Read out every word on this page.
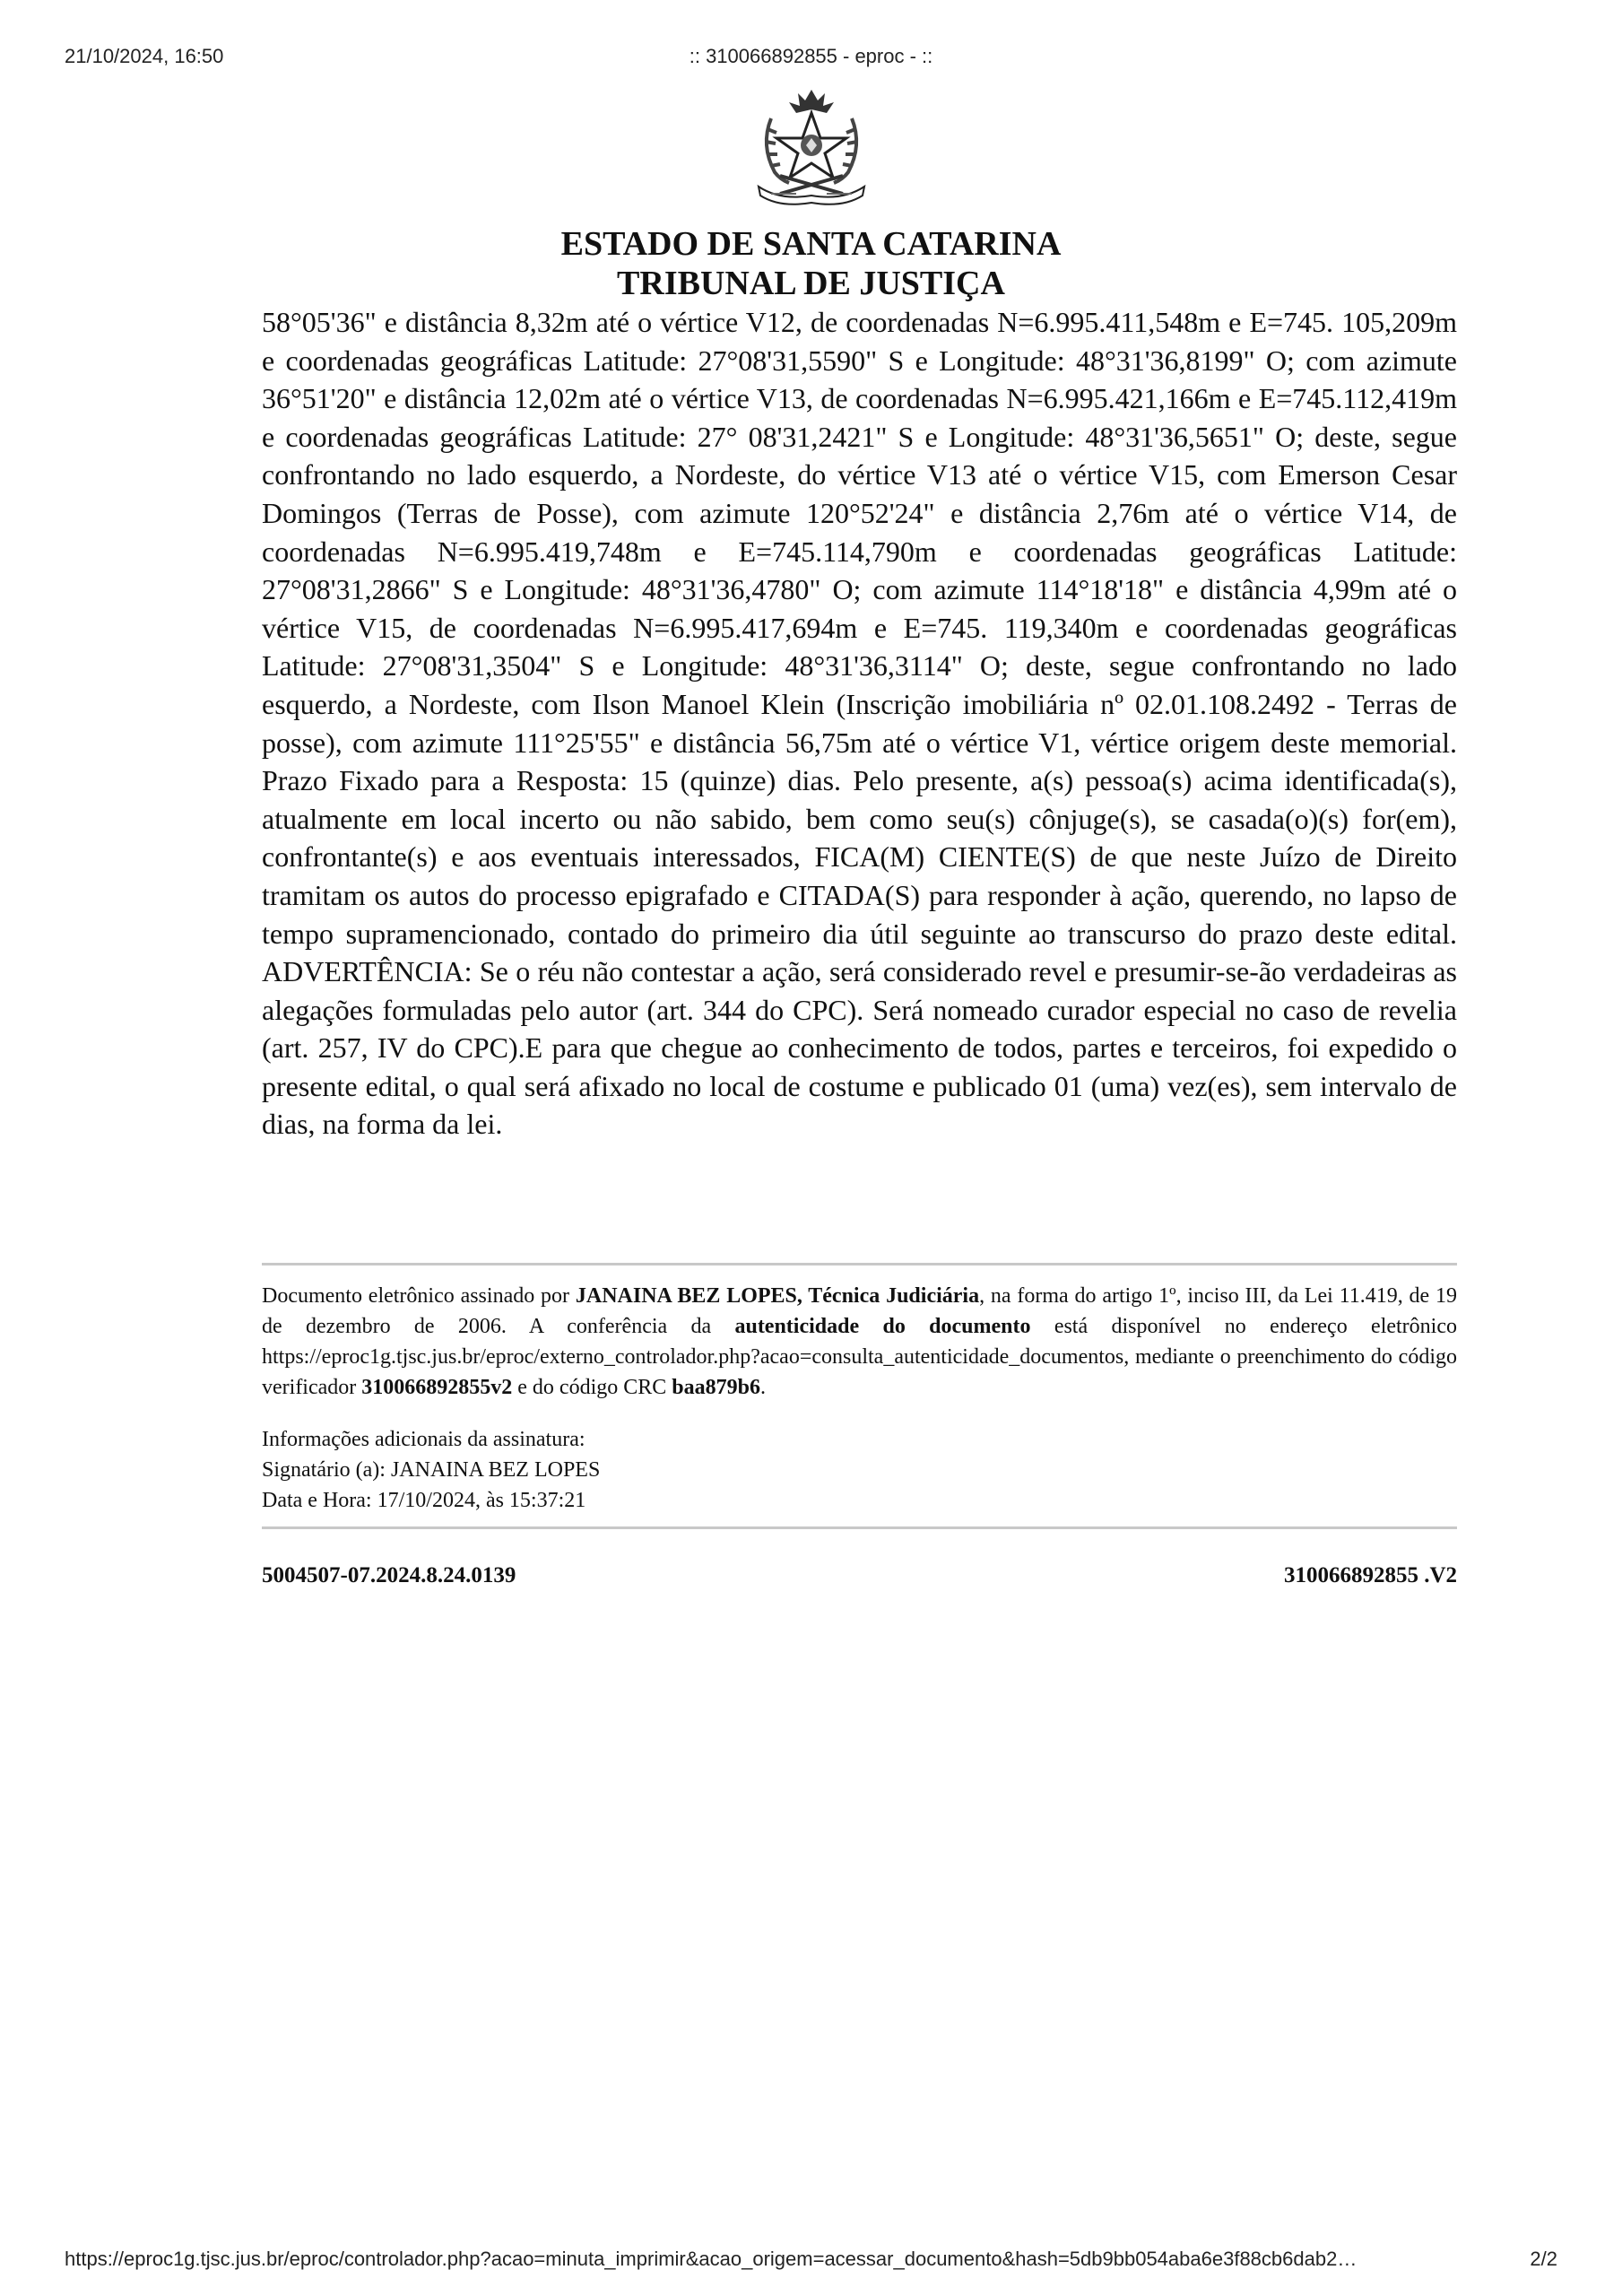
21/10/2024, 16:50	:: 310066892855 - eproc - ::
ESTADO DE SANTA CATARINA
TRIBUNAL DE JUSTIÇA

58°05'36" e distância 8,32m até o vértice V12, de coordenadas N=6.995.411,548m e E=745. 105,209m e coordenadas geográficas Latitude: 27°08'31,5590" S e Longitude: 48°31'36,8199" O; com azimute 36°51'20" e distância 12,02m até o vértice V13, de coordenadas N=6.995.421,166m e E=745.112,419m e coordenadas geográficas Latitude: 27° 08'31,2421" S e Longitude: 48°31'36,5651" O; deste, segue confrontando no lado esquerdo, a Nordeste, do vértice V13 até o vértice V15, com Emerson Cesar Domingos (Terras de Posse), com azimute 120°52'24" e distância 2,76m até o vértice V14, de coordenadas N=6.995.419,748m e E=745.114,790m e coordenadas geográficas Latitude: 27°08'31,2866" S e Longitude: 48°31'36,4780" O; com azimute 114°18'18" e distância 4,99m até o vértice V15, de coordenadas N=6.995.417,694m e E=745. 119,340m e coordenadas geográficas Latitude: 27°08'31,3504" S e Longitude: 48°31'36,3114" O; deste, segue confrontando no lado esquerdo, a Nordeste, com Ilson Manoel Klein (Inscrição imobiliária nº 02.01.108.2492 - Terras de posse), com azimute 111°25'55" e distância 56,75m até o vértice V1, vértice origem deste memorial. Prazo Fixado para a Resposta: 15 (quinze) dias. Pelo presente, a(s) pessoa(s) acima identificada(s), atualmente em local incerto ou não sabido, bem como seu(s) cônjuge(s), se casada(o)(s) for(em), confrontante(s) e aos eventuais interessados, FICA(M) CIENTE(S) de que neste Juízo de Direito tramitam os autos do processo epigrafado e CITADA(S) para responder à ação, querendo, no lapso de tempo supramencionado, contado do primeiro dia útil seguinte ao transcurso do prazo deste edital. ADVERTÊNCIA: Se o réu não contestar a ação, será considerado revel e presumir-se-ão verdadeiras as alegações formuladas pelo autor (art. 344 do CPC). Será nomeado curador especial no caso de revelia (art. 257, IV do CPC).E para que chegue ao conhecimento de todos, partes e terceiros, foi expedido o presente edital, o qual será afixado no local de costume e publicado 01 (uma) vez(es), sem intervalo de dias, na forma da lei.

Documento eletrônico assinado por JANAINA BEZ LOPES, Técnica Judiciária, na forma do artigo 1º, inciso III, da Lei 11.419, de 19 de dezembro de 2006. A conferência da autenticidade do documento está disponível no endereço eletrônico https://eproc1g.tjsc.jus.br/eproc/externo_controlador.php?acao=consulta_autenticidade_documentos, mediante o preenchimento do código verificador 310066892855v2 e do código CRC baa879b6.

Informações adicionais da assinatura:
Signatário (a): JANAINA BEZ LOPES
Data e Hora: 17/10/2024, às 15:37:21
5004507-07.2024.8.24.0139	310066892855 .V2
https://eproc1g.tjsc.jus.br/eproc/controlador.php?acao=minuta_imprimir&acao_origem=acessar_documento&hash=5db9bb054aba6e3f88cb6dab2…	2/2
